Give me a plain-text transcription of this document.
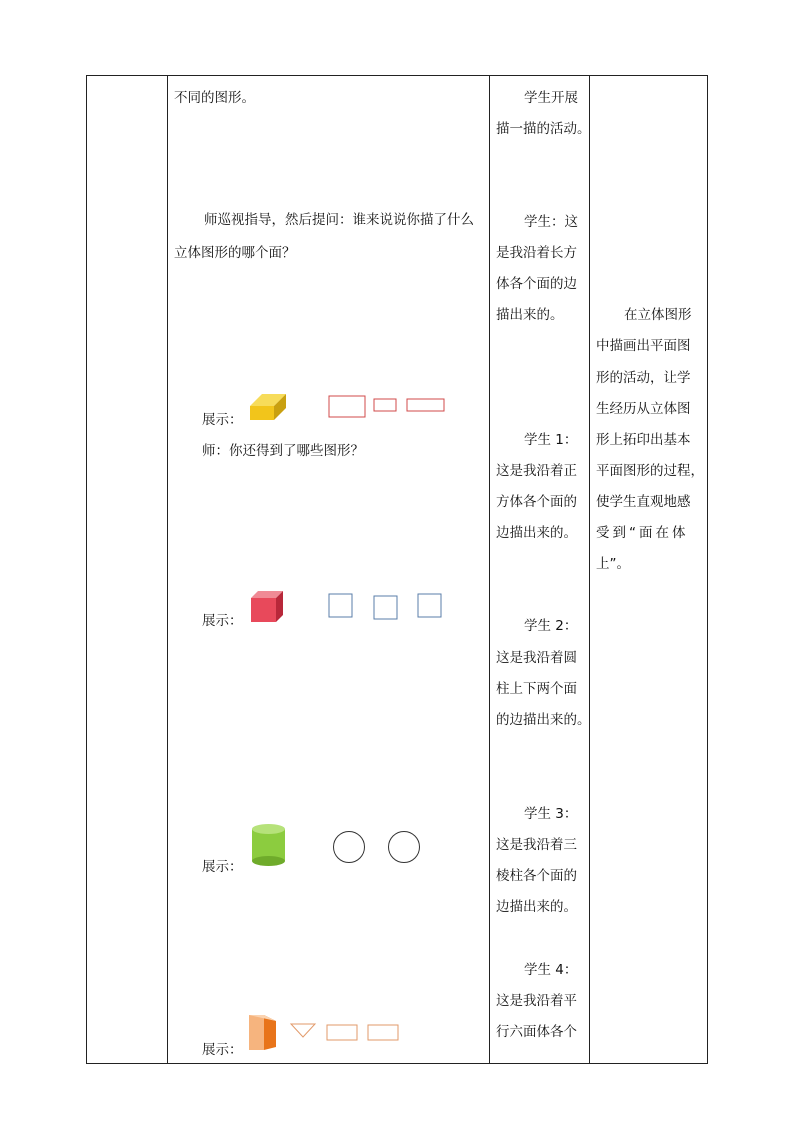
不同的图形。
师巡视指导，然后提问：谁来说说你描了什么
立体图形的哪个面？
展示：
师：你还得到了哪些图形？
展示：
展示：
展示：
学生开展
描一描的活动。
学生：这
是我沿着长方
体各个面的边
描出来的。
学生 1：
这是我沿着正
方体各个面的
边描出来的。
学生 2：
这是我沿着圆
柱上下两个面
的边描出来的。
学生 3：
这是我沿着三
棱柱各个面的
边描出来的。
学生 4：
这是我沿着平
行六面体各个
在立体图形
中描画出平面图
形的活动，让学
生经历从立体图
形上拓印出基本
平面图形的过程，
使学生直观地感
受到“面在体
上”。
